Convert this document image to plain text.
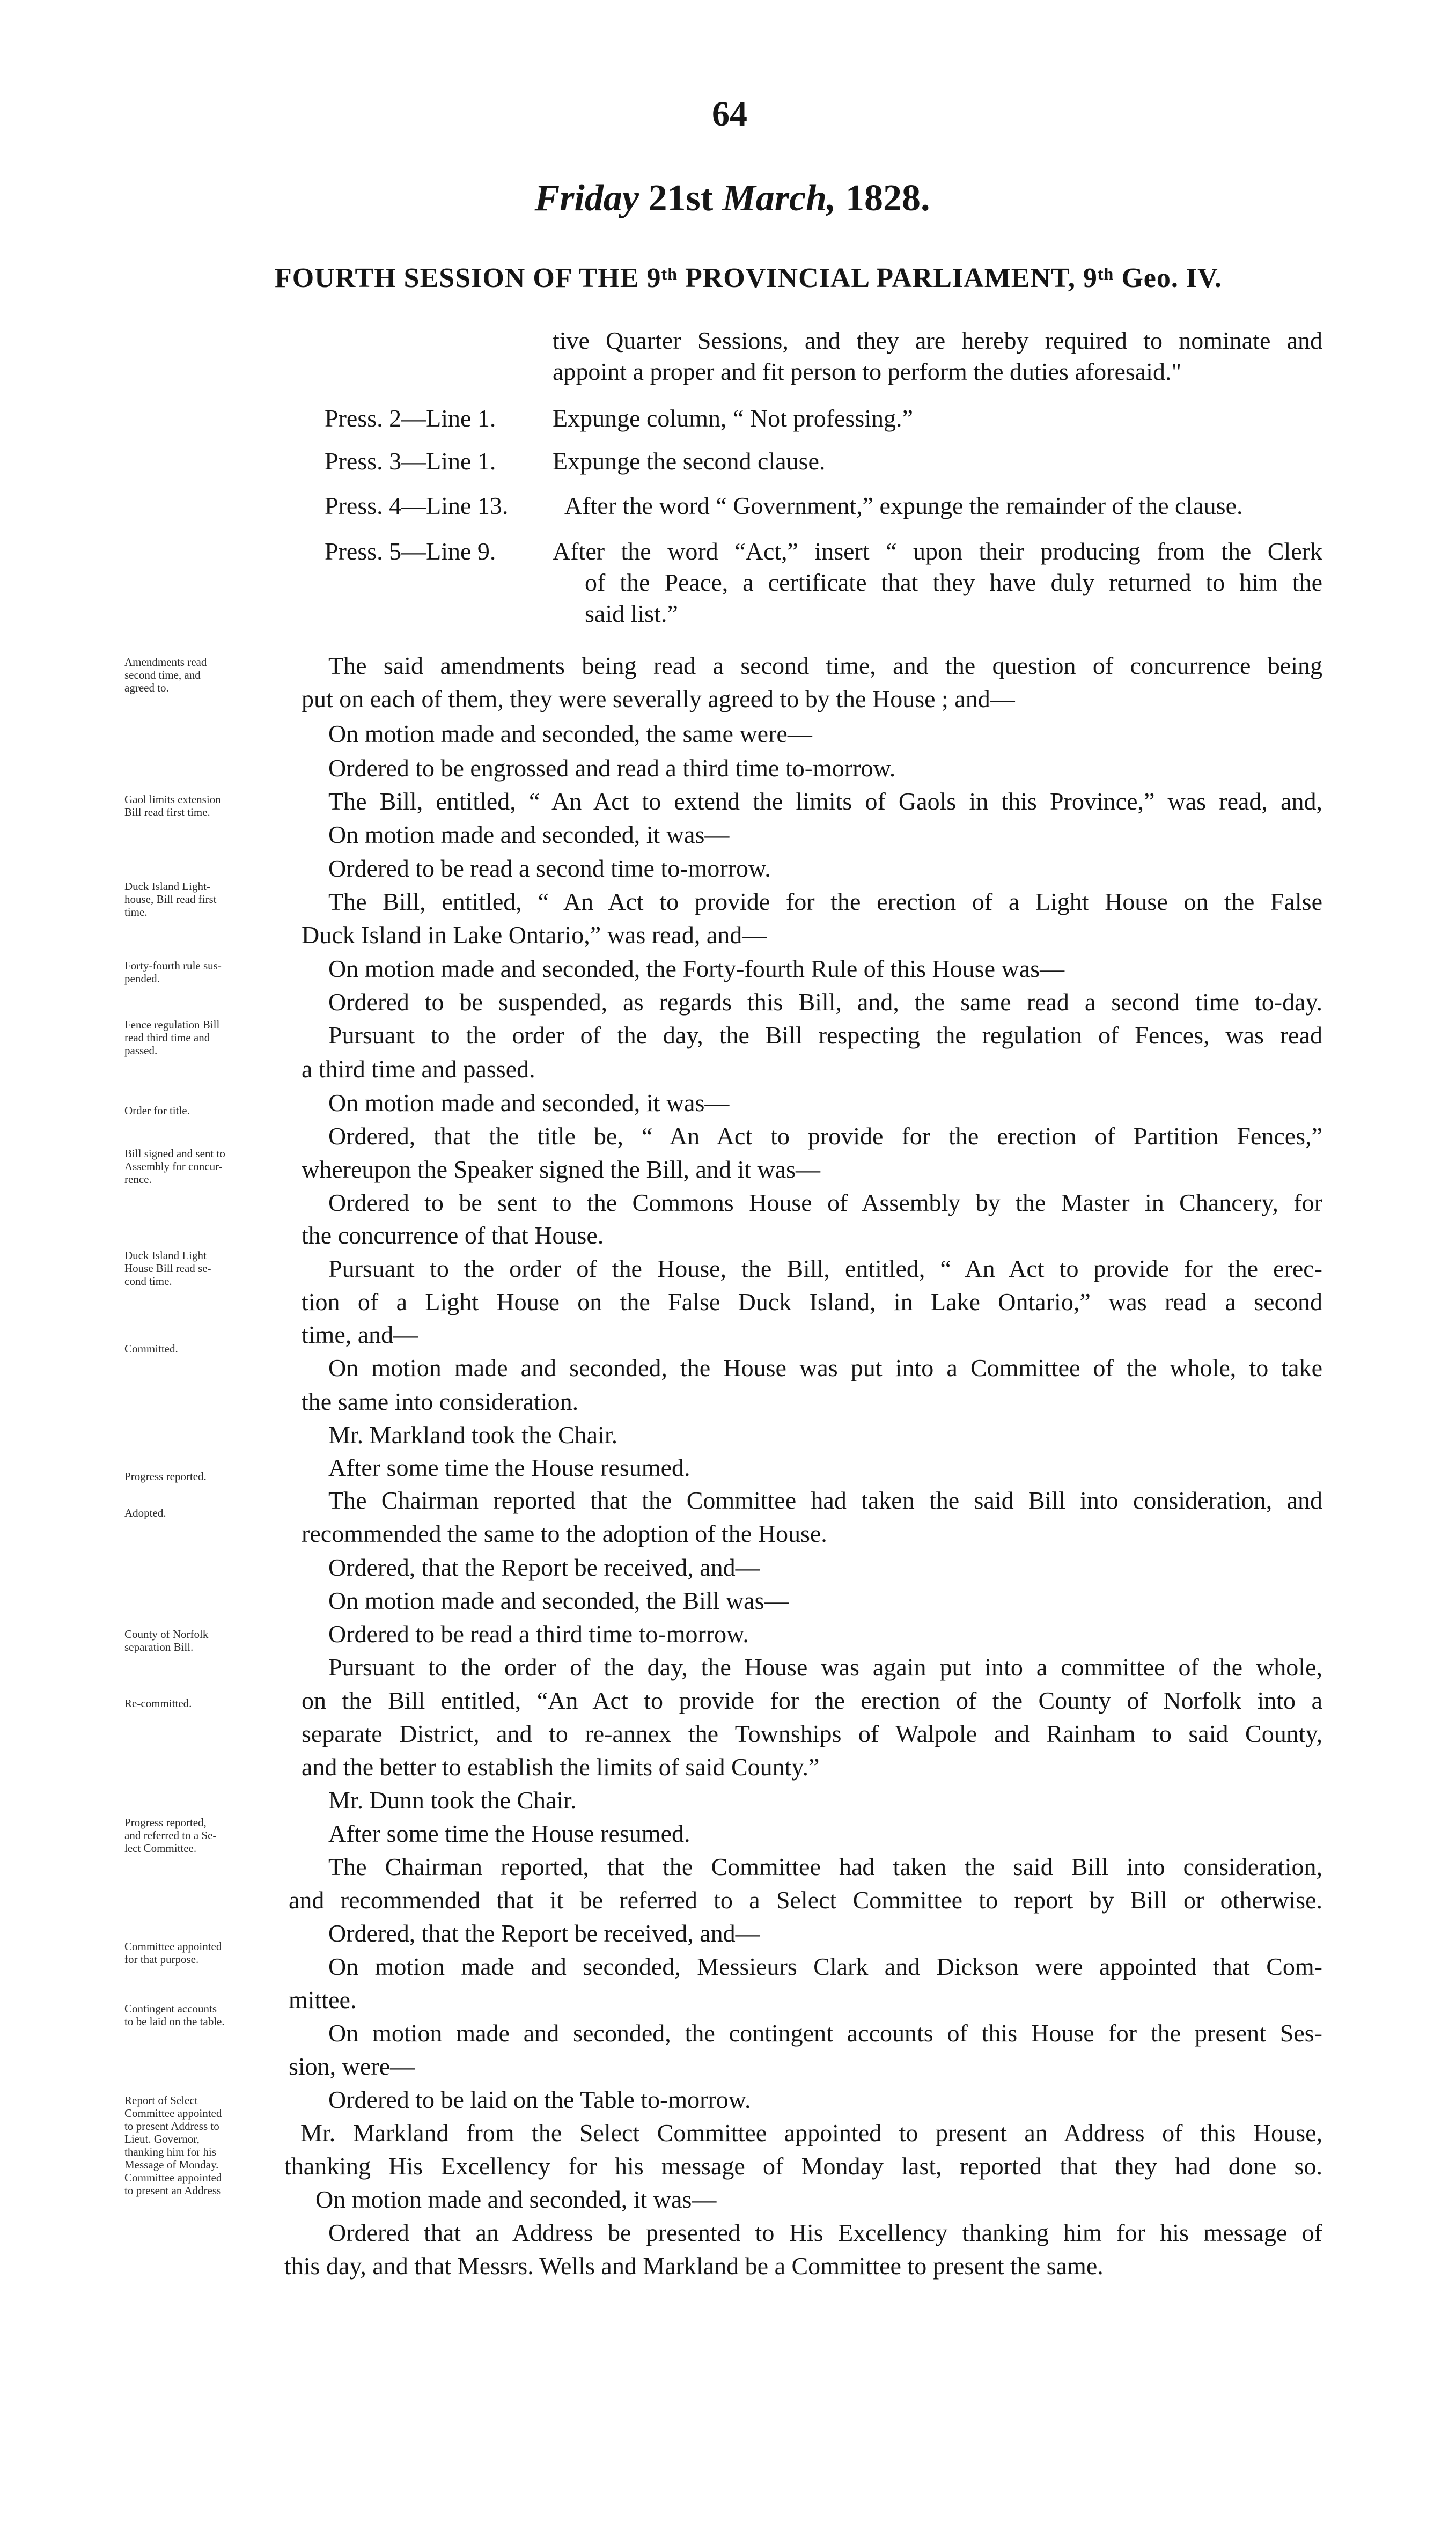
64
Friday 21st March, 1828.
FOURTH SESSION OF THE 9th PROVINCIAL PARLIAMENT, 9th Geo. IV.
tive Quarter Sessions, and they are hereby required to nominate and
appoint a proper and fit person to perform the duties aforesaid."
Press. 2—Line 1. Expunge column, “ Not professing.”
Press. 3—Line 1. Expunge the second clause.
Press. 4—Line 13. After the word “ Government,” expunge the remainder of the clause.
Press. 5—Line 9. After the word “Act,” insert “ upon their producing from the Clerk
of the Peace, a certificate that they have duly returned to him the
said list.”
Amendments read
second time, and
agreed to.
Gaol limits extension
Bill read first time.
Duck Island Light-
house, Bill read first
time.
Forty-fourth rule sus-
pended.
Fence regulation Bill
read third time and
passed.
Order for title.
Bill signed and sent to
Assembly for concur-
rence.
Duck Island Light
House Bill read se-
cond time.
Committed.
Progress reported.
Adopted.
County of Norfolk
separation Bill.
Re-committed.
Progress reported,
and referred to a Se-
lect Committee.
Committee appointed
for that purpose.
Contingent accounts
to be laid on the table.
Report of Select
Committee appointed
to present Address to
Lieut. Governor,
thanking him for his
Message of Monday.
Committee appointed
to present an Address
The said amendments being read a second time, and the question of concurrence being
put on each of them, they were severally agreed to by the House ; and—
On motion made and seconded, the same were—
Ordered to be engrossed and read a third time to-morrow.
The Bill, entitled, “ An Act to extend the limits of Gaols in this Province,” was read, and,
On motion made and seconded, it was—
Ordered to be read a second time to-morrow.
The Bill, entitled, “ An Act to provide for the erection of a Light House on the False
Duck Island in Lake Ontario,” was read, and—
On motion made and seconded, the Forty-fourth Rule of this House was—
Ordered to be suspended, as regards this Bill, and, the same read a second time to-day.
Pursuant to the order of the day, the Bill respecting the regulation of Fences, was read
a third time and passed.
On motion made and seconded, it was—
Ordered, that the title be, “ An Act to provide for the erection of Partition Fences,”
whereupon the Speaker signed the Bill, and it was—
Ordered to be sent to the Commons House of Assembly by the Master in Chancery, for
the concurrence of that House.
Pursuant to the order of the House, the Bill, entitled, “ An Act to provide for the erec-
tion of a Light House on the False Duck Island, in Lake Ontario,” was read a second
time, and—
On motion made and seconded, the House was put into a Committee of the whole, to take
the same into consideration.
Mr. Markland took the Chair.
After some time the House resumed.
The Chairman reported that the Committee had taken the said Bill into consideration, and
recommended the same to the adoption of the House.
Ordered, that the Report be received, and—
On motion made and seconded, the Bill was—
Ordered to be read a third time to-morrow.
Pursuant to the order of the day, the House was again put into a committee of the whole,
on the Bill entitled, “An Act to provide for the erection of the County of Norfolk into a
separate District, and to re-annex the Townships of Walpole and Rainham to said County,
and the better to establish the limits of said County.”
Mr. Dunn took the Chair.
After some time the House resumed.
The Chairman reported, that the Committee had taken the said Bill into consideration,
and recommended that it be referred to a Select Committee to report by Bill or otherwise.
Ordered, that the Report be received, and—
On motion made and seconded, Messieurs Clark and Dickson were appointed that Com-
mittee.
On motion made and seconded, the contingent accounts of this House for the present Ses-
sion, were—
Ordered to be laid on the Table to-morrow.
Mr. Markland from the Select Committee appointed to present an Address of this House,
thanking His Excellency for his message of Monday last, reported that they had done so.
On motion made and seconded, it was—
Ordered that an Address be presented to His Excellency thanking him for his message of
this day, and that Messrs. Wells and Markland be a Committee to present the same.
